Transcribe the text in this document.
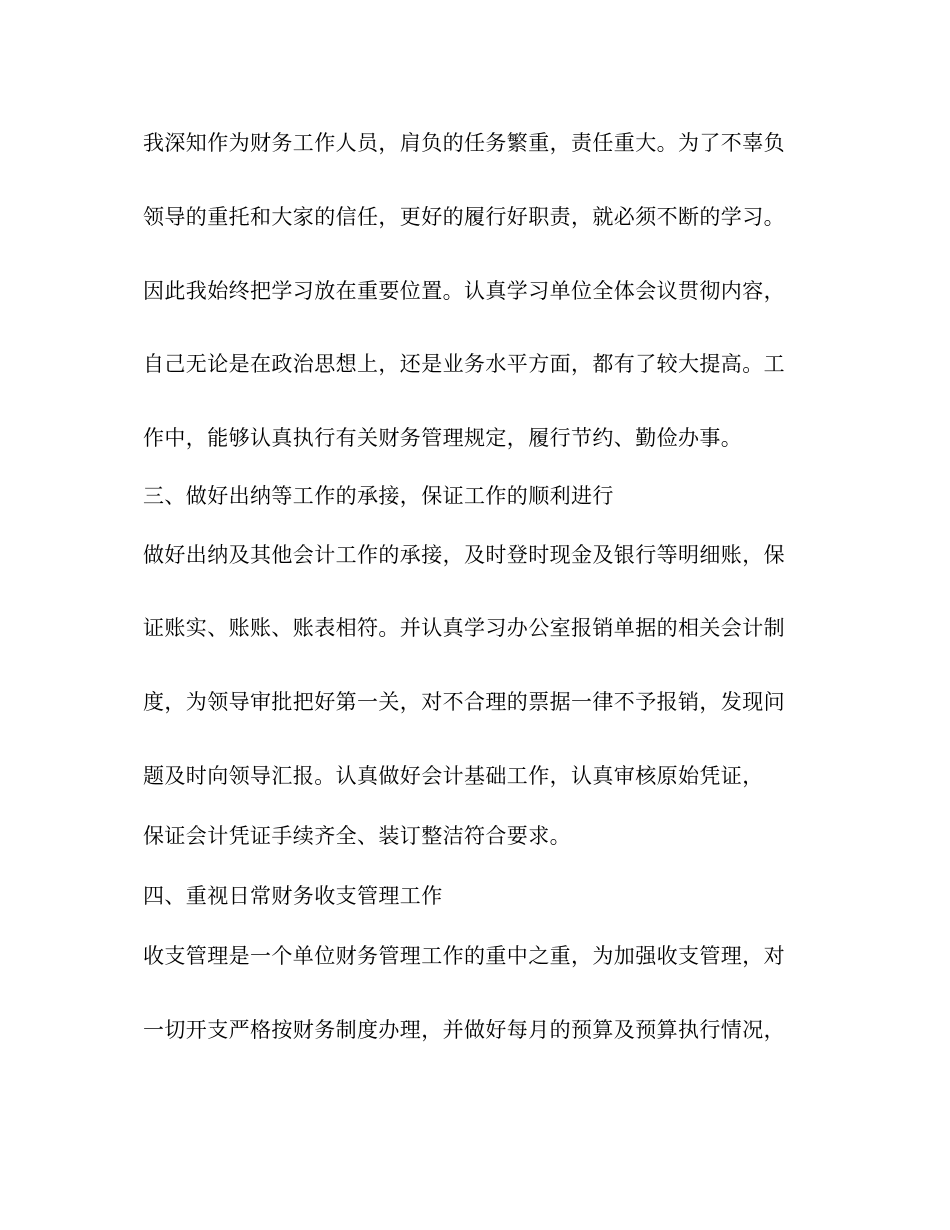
我深知作为财务工作人员，肩负的任务繁重，责任重大。为了不辜负
领导的重托和大家的信任，更好的履行好职责，就必须不断的学习。
因此我始终把学习放在重要位置。认真学习单位全体会议贯彻内容，
自己无论是在政治思想上，还是业务水平方面，都有了较大提高。工
作中，能够认真执行有关财务管理规定，履行节约、勤俭办事。
三、做好出纳等工作的承接，保证工作的顺利进行
做好出纳及其他会计工作的承接，及时登时现金及银行等明细账，保
证账实、账账、账表相符。并认真学习办公室报销单据的相关会计制
度，为领导审批把好第一关，对不合理的票据一律不予报销，发现问
题及时向领导汇报。认真做好会计基础工作，认真审核原始凭证，
保证会计凭证手续齐全、装订整洁符合要求。
四、重视日常财务收支管理工作
收支管理是一个单位财务管理工作的重中之重，为加强收支管理，对
一切开支严格按财务制度办理，并做好每月的预算及预算执行情况，
